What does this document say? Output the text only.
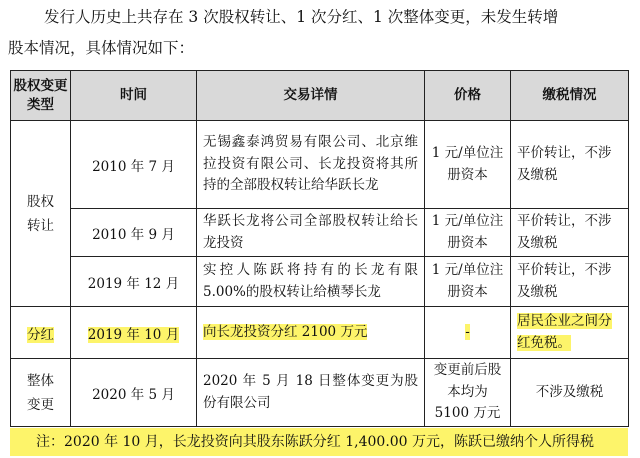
发行人历史上共存在 3 次股权转让、1 次分红、1 次整体变更，未发生转增
股本情况，具体情况如下：
股权变更类型	时间	交易详情	价格	缴税情况
股权转让	2010 年 7 月	无锡鑫泰鸿贸易有限公司、北京维拉投资有限公司、长龙投资将其所持的全部股权转让给华跃长龙	1 元/单位注册资本	平价转让，不涉及缴税
	2010 年 9 月	华跃长龙将公司全部股权转让给长龙投资	1 元/单位注册资本	平价转让，不涉及缴税
	2019 年 12 月	实控人陈跃将持有的长龙有限 5.00%的股权转让给横琴长龙	1 元/单位注册资本	平价转让，不涉及缴税
分红	2019 年 10 月	向长龙投资分红 2100 万元	-	居民企业之间分红免税。
整体变更	2020 年 5 月	2020 年 5 月 18 日整体变更为股份有限公司	变更前后股本均为 5100 万元	不涉及缴税
注：2020 年 10 月，长龙投资向其股东陈跃分红 1,400.00 万元，陈跃已缴纳个人所得税
